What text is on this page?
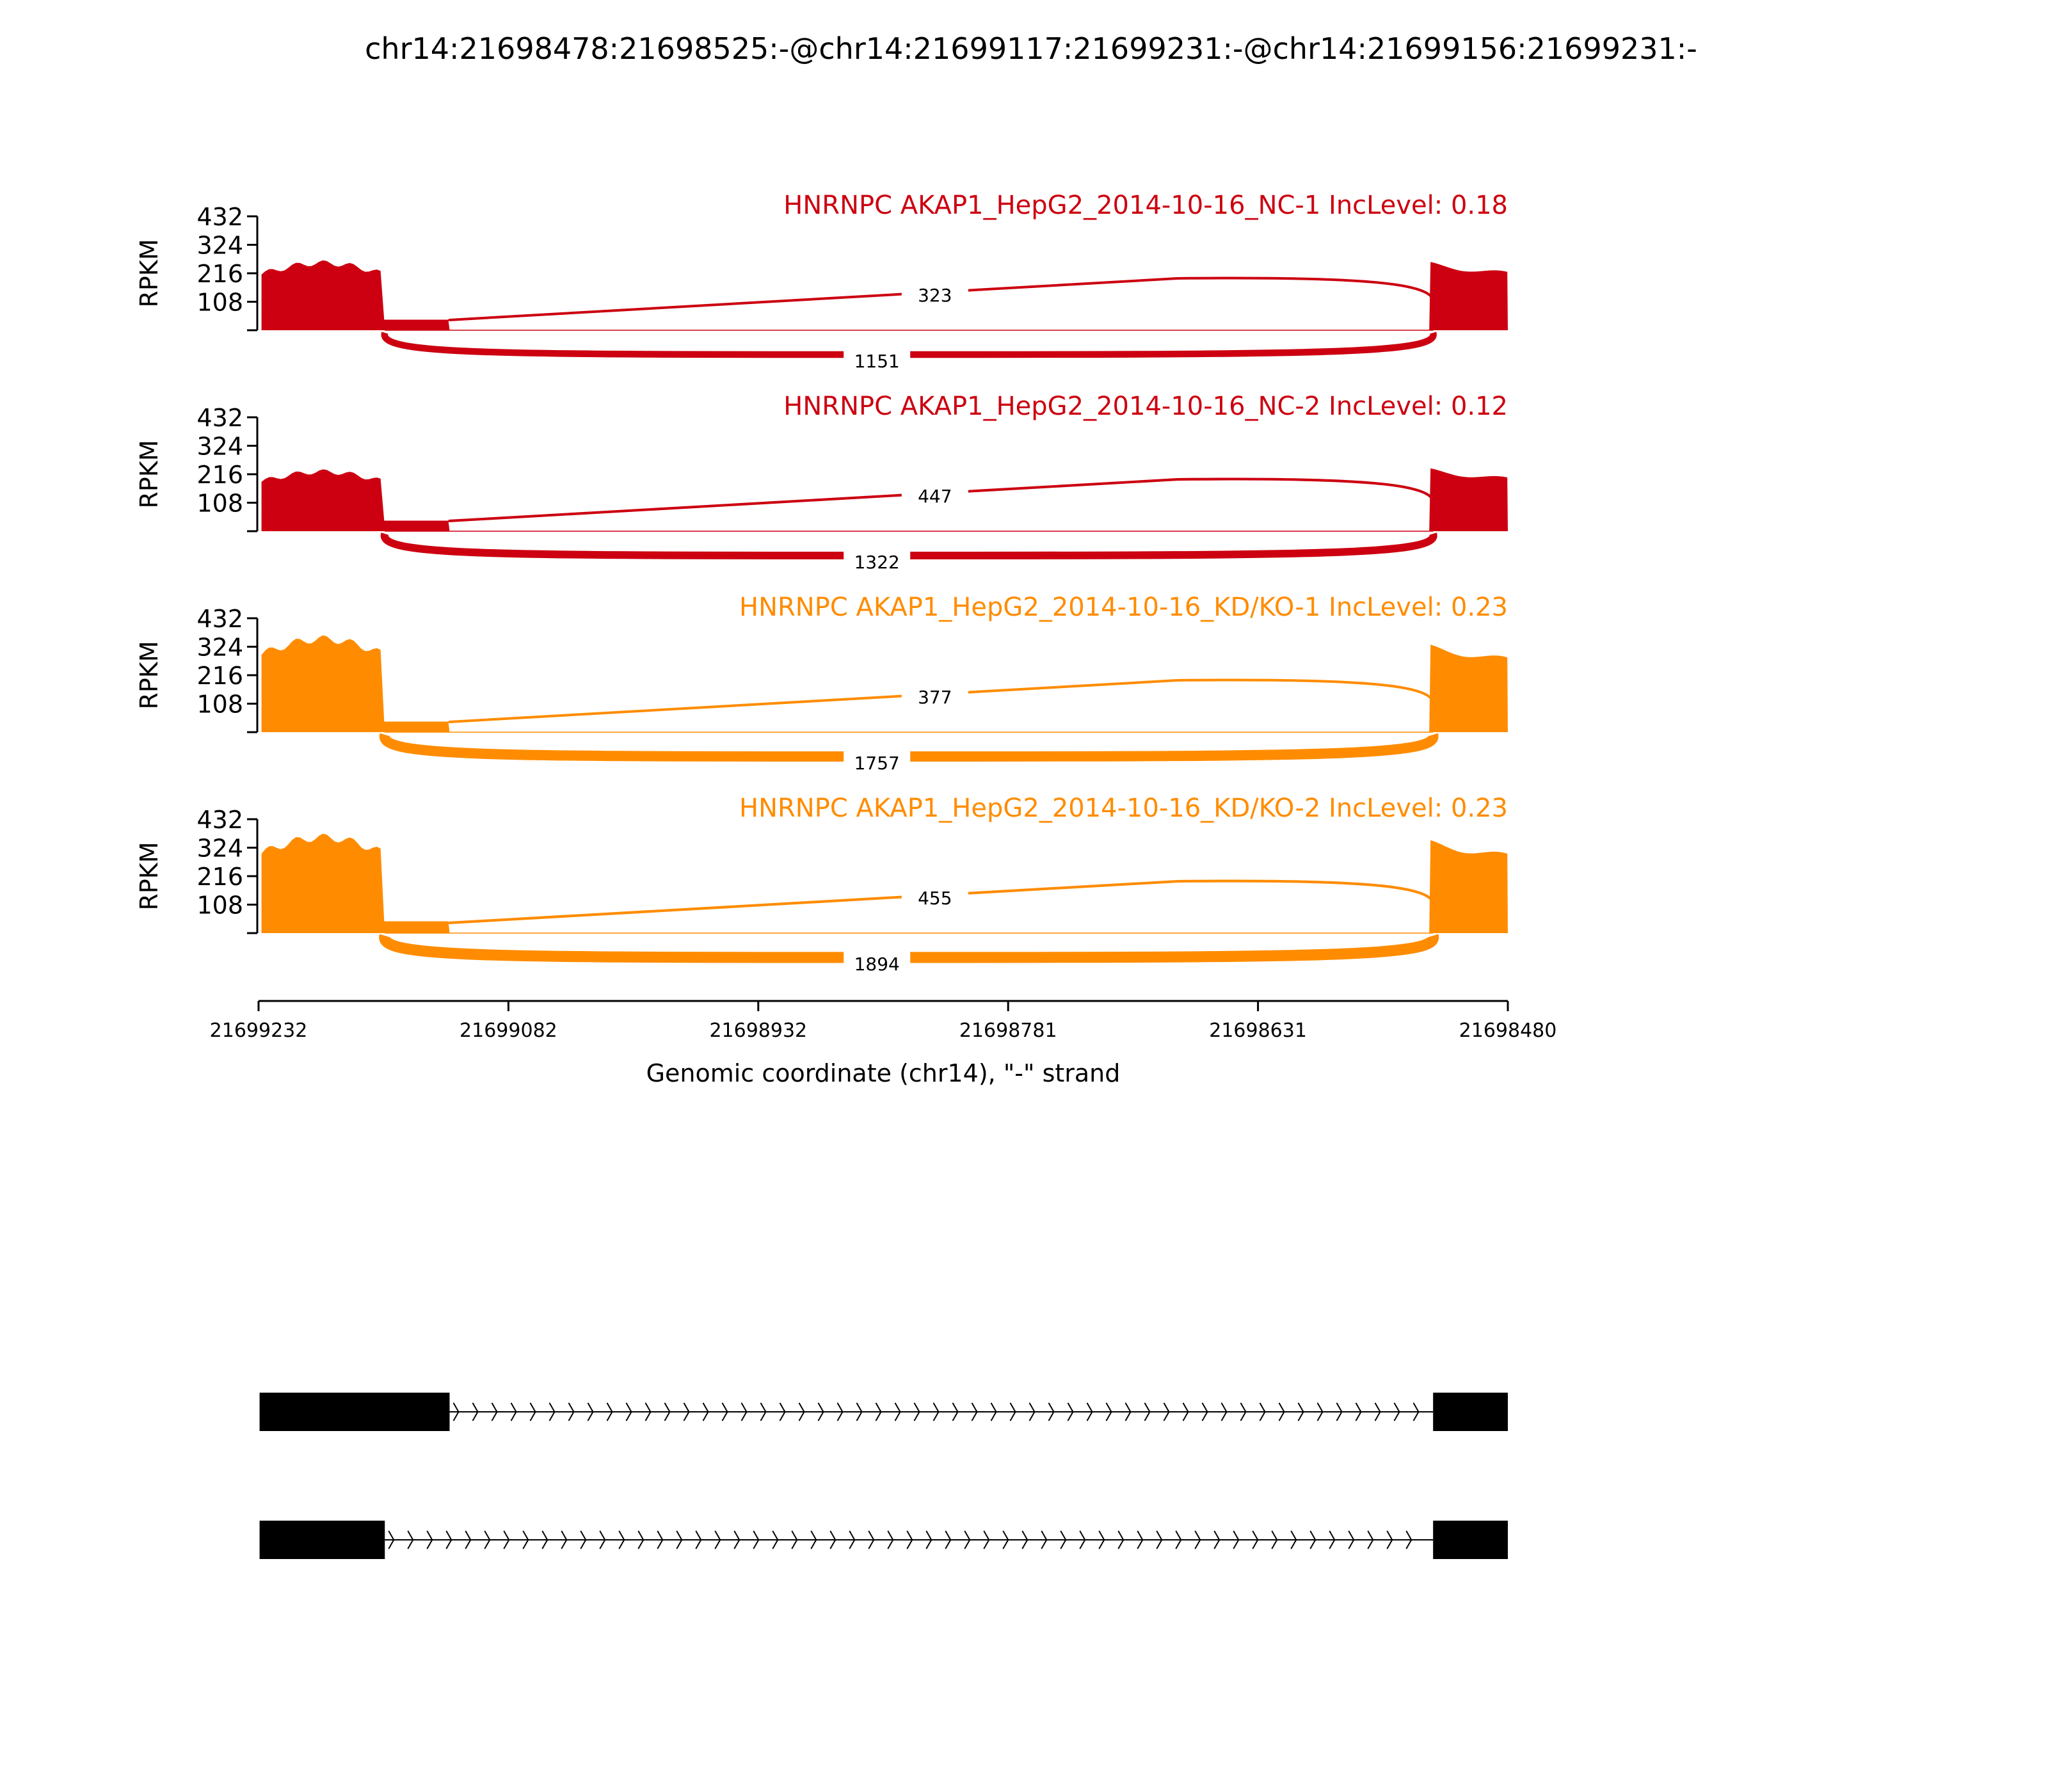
chr14:21698478:21698525:-@chr14:21699117:21699231:-@chr14:21699156:21699231:-
108
216
324
432
RPKM	323
1151
HNRNPC AKAP1_HepG2_2014-10-16_NC-1 IncLevel: 0.18
108
216
324
432
RPKM	447
1322
HNRNPC AKAP1_HepG2_2014-10-16_NC-2 IncLevel: 0.12
108
216
324
432
RPKM	377
1757
HNRNPC AKAP1_HepG2_2014-10-16_KD/KO-1 IncLevel: 0.23
108
216
324
432
RPKM	455
1894
HNRNPC AKAP1_HepG2_2014-10-16_KD/KO-2 IncLevel: 0.23
21699232	21699082	21698932	21698781	21698631	21698480
Genomic coordinate (chr14), "-" strand
